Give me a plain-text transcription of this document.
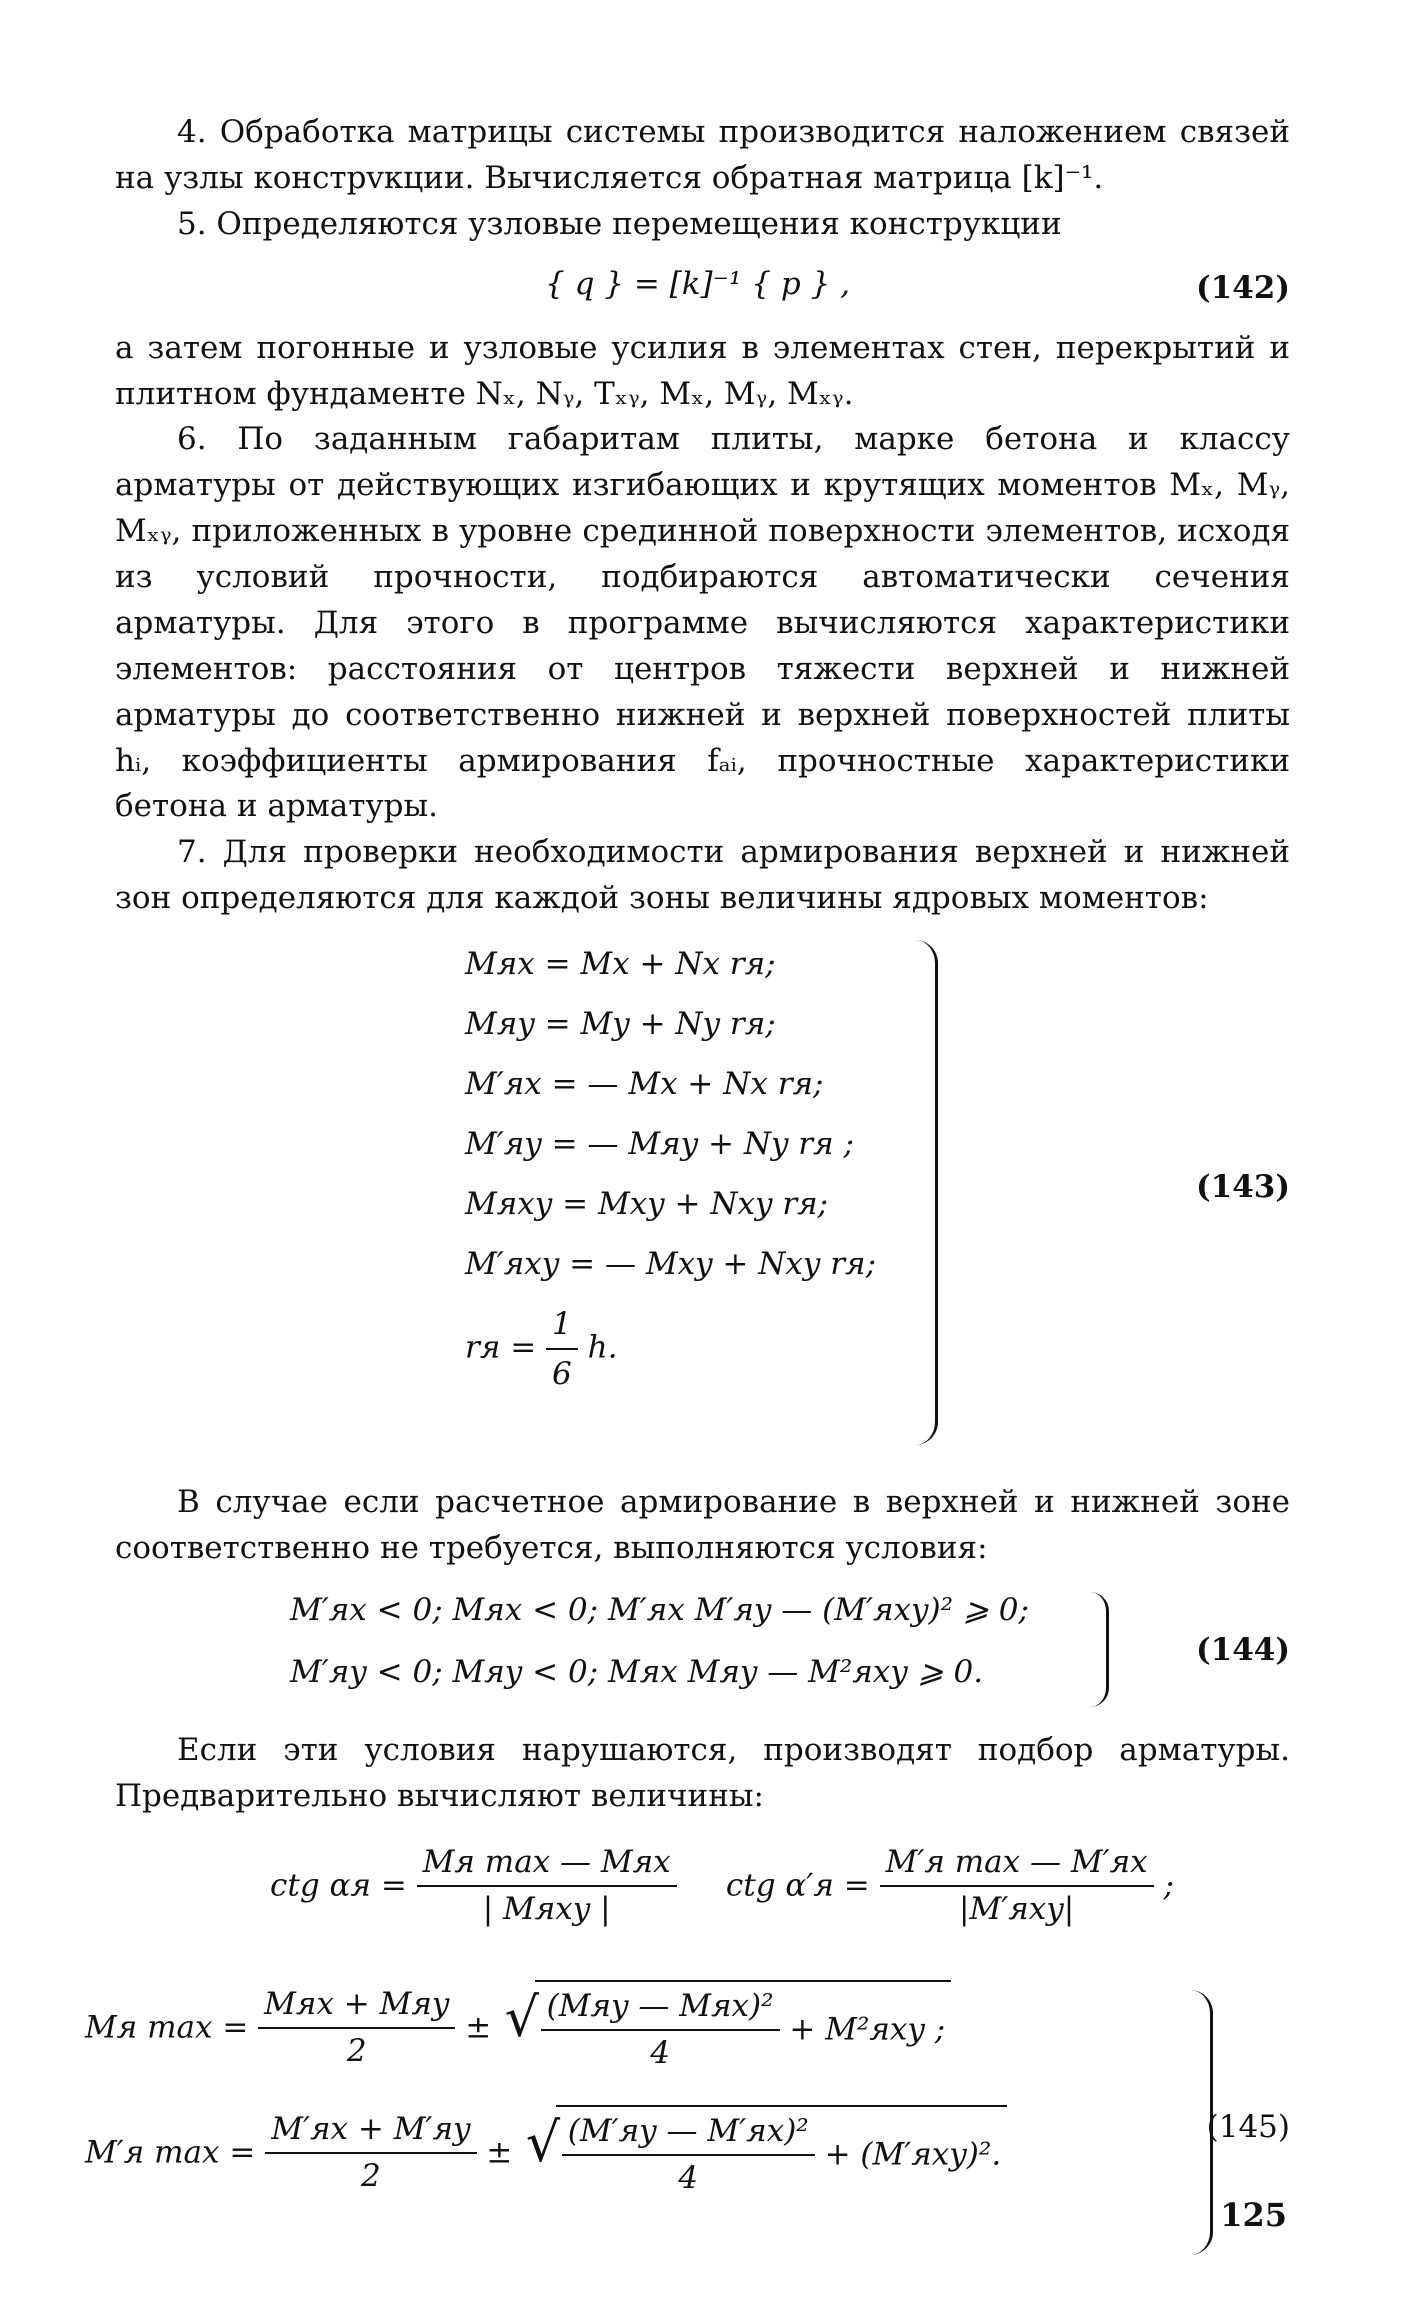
4. Обработка матрицы системы производится наложением связей на узлы констрvкции. Вычисляется обратная матрица [k]⁻¹.

5. Определяются узловые перемещения конструкции

{ q } = [k]⁻¹ { p } ,	(142)

а затем погонные и узловые усилия в элементах стен, перекрытий и плитном фундаменте Nₓ, Nᵧ, Tₓᵧ, Mₓ, Mᵧ, Mₓᵧ.

6. По заданным габаритам плиты, марке бетона и классу арматуры от действующих изгибающих и крутящих моментов Mₓ, Mᵧ, Mₓᵧ, приложенных в уровне срединной поверхности элементов, исходя из условий прочности, подбираются автоматически сечения арматуры. Для этого в программе вычисляются характеристики элементов: расстояния от центров тяжести верхней и нижней арматуры до соответственно нижней и верхней поверхностей плиты hᵢ, коэффициенты армирования fₐᵢ, прочностные характеристики бетона и арматуры.

7. Для проверки необходимости армирования верхней и нижней зон определяются для каждой зоны величины ядровых моментов:

Mяx = Mx + Nx rя;
Mяy = My + Ny rя;
M′яx = — Mx + Nx rя;
M′яy = — Mяy + Ny rя ;
Mяxy = Mxy + Nxy rя;
M′яxy = — Mxy + Nxy rя;
rя = $\frac{1}{6} h$.
(143)

В случае если расчетное армирование в верхней и нижней зоне соответственно не требуется, выполняются условия:

M′яx < 0; Mяx < 0; M′яx M′яy — (M′яxy)² ⩾ 0;
M′яy < 0; Mяy < 0; Mяx Mяy — M²яxy ⩾ 0.
(144)

Если эти условия нарушаются, производят подбор арматуры. Предварительно вычисляют величины:

ctg $\alpha я = \frac{\text{Mя max — Mяx}}{\text{| Mяxy |}}$ ctg $\alpha'я = \frac{\text{M′я max — M′яx}}{\text{|M′яxy|}}$ ;
Mя $\max = \frac{\text{Mяx + Mяy}}{2}$ ± √ $\frac{\text{(Mяy — Mяx)²}}{4} + M^2яxy$ ;
M′я $\max = \frac{M'яx + M'яy}{2}$ ± √ $\frac{\text{(M′яy — M′яx)²}}{4} + (M'яxy)^2$.
(145)
125
